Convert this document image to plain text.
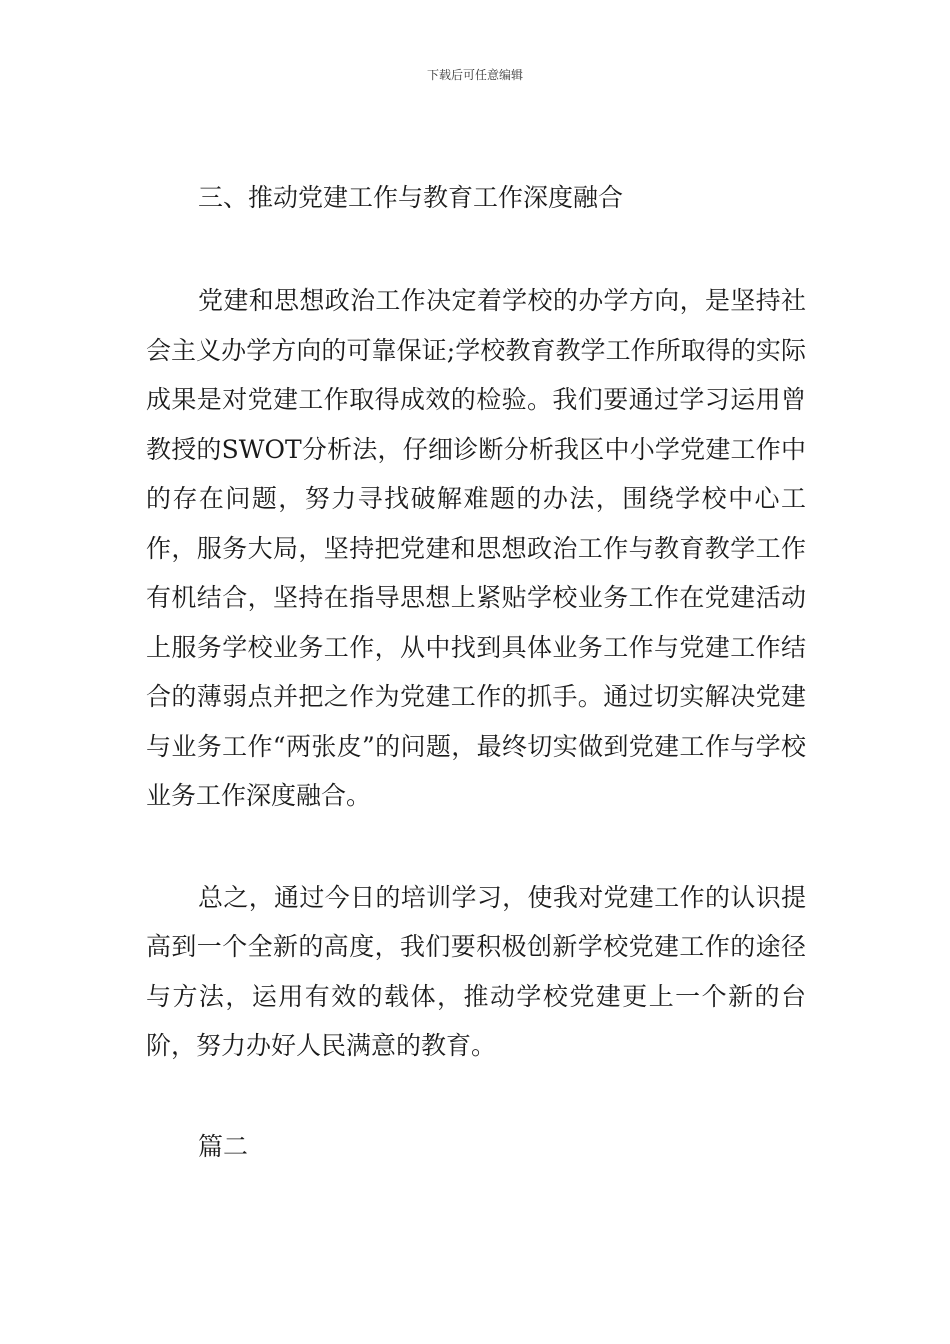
下载后可任意编辑
三、推动党建工作与教育工作深度融合

党建和思想政治工作决定着学校的办学方向，是坚持社会主义办学方向的可靠保证;学校教育教学工作所取得的实际成果是对党建工作取得成效的检验。我们要通过学习运用曾教授的SWOT分析法，仔细诊断分析我区中小学党建工作中的存在问题，努力寻找破解难题的办法，围绕学校中心工作，服务大局，坚持把党建和思想政治工作与教育教学工作有机结合，坚持在指导思想上紧贴学校业务工作在党建活动上服务学校业务工作，从中找到具体业务工作与党建工作结合的薄弱点并把之作为党建工作的抓手。通过切实解决党建与业务工作“两张皮”的问题，最终切实做到党建工作与学校业务工作深度融合。

总之，通过今日的培训学习，使我对党建工作的认识提高到一个全新的高度，我们要积极创新学校党建工作的途径与方法，运用有效的载体，推动学校党建更上一个新的台阶，努力办好人民满意的教育。

篇二
